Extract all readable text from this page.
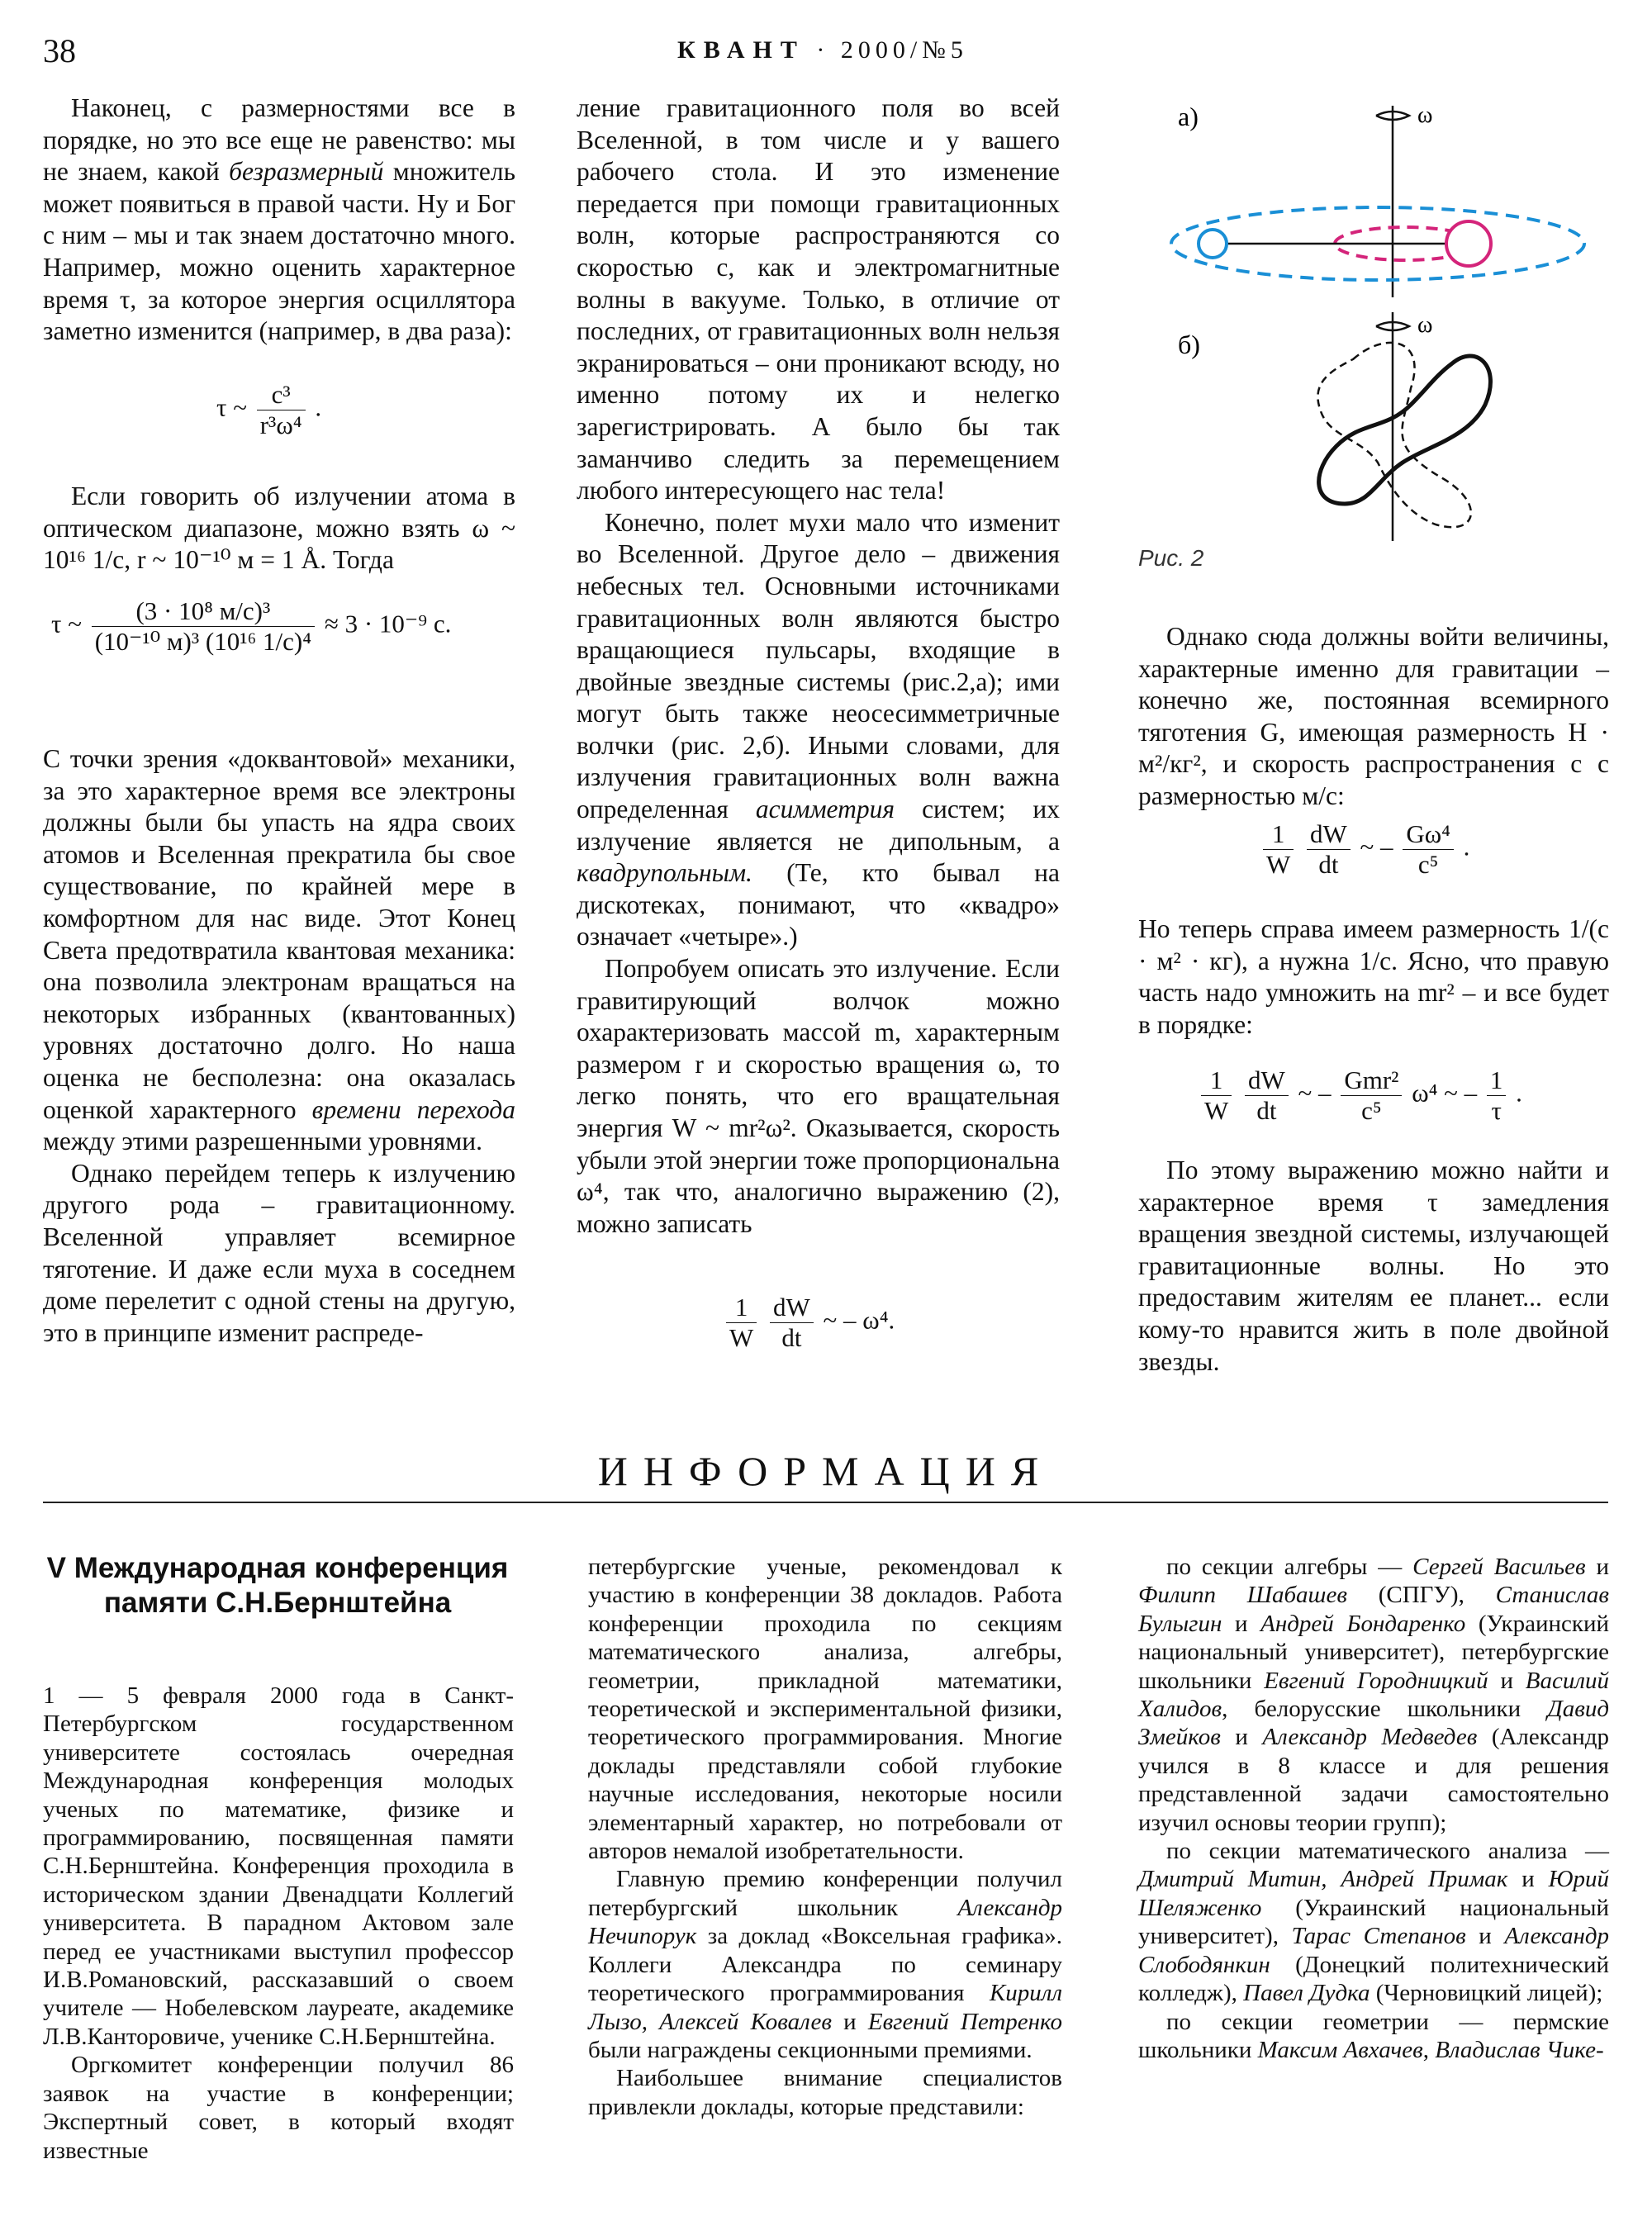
38	КВАНТ · 2000/№5

Наконец, с размерностями все в порядке, но это все еще не равенство: мы не знаем, какой безразмерный множитель может появиться в правой части. Ну и Бог с ним – мы и так знаем достаточно много. Например, можно оценить характерное время τ, за которое энергия осциллятора заметно изменится (например, в два раза):

τ ~ $\frac{\text{c³}}{\text{r³ω⁴}}$ .

Если говорить об излучении атома в оптическом диапазоне, можно взять ω ~ 10¹⁶ 1/c, r ~ 10⁻¹⁰ м = 1 Å. Тогда

τ ~ $\frac{\text{(3 · 10⁸ м/с)³}}{\text{(10⁻¹⁰ м)³ (10¹⁶ 1/с)⁴}} \approx 3 \cdot 10^{-9}$ с.

С точки зрения «доквантовой» механики, за это характерное время все электроны должны были бы упасть на ядра своих атомов и Вселенная прекратила бы свое существование, по крайней мере в комфортном для нас виде. Этот Конец Света предотвратила квантовая механика: она позволила электронам вращаться на некоторых избранных (квантованных) уровнях достаточно долго. Но наша оценка не бесполезна: она оказалась оценкой характерного времени перехода между этими разрешенными уровнями.

Однако перейдем теперь к излучению другого рода – гравитационному. Вселенной управляет всемирное тяготение. И даже если муха в соседнем доме перелетит с одной стены на другую, это в принципе изменит распреде-

ление гравитационного поля во всей Вселенной, в том числе и у вашего рабочего стола. И это изменение передается при помощи гравитационных волн, которые распространяются со скоростью c, как и электромагнитные волны в вакууме. Только, в отличие от последних, от гравитационных волн нельзя экранироваться – они проникают всюду, но именно потому их и нелегко зарегистрировать. А было бы так заманчиво следить за перемещением любого интересующего нас тела!

Конечно, полет мухи мало что изменит во Вселенной. Другое дело – движения небесных тел. Основными источниками гравитационных волн являются быстро вращающиеся пульсары, входящие в двойные звездные системы (рис.2,а); ими могут быть также неосесимметричные волчки (рис. 2,б). Иными словами, для излучения гравитационных волн важна определенная асимметрия систем; их излучение является не дипольным, а квадрупольным. (Те, кто бывал на дискотеках, понимают, что «квадро» означает «четыре».)

Попробуем описать это излучение. Если гравитирующий волчок можно охарактеризовать массой m, характерным размером r и скоростью вращения ω, то легко понять, что его вращательная энергия W ~ mr²ω². Оказывается, скорость убыли этой энергии тоже пропорциональна ω⁴, так что, аналогично выражению (2), можно записать

$\frac{1}{W}$
$\frac{dW}{dt}$ ~ – ω⁴.
а)	ω
б)
ω
Рис. 2

Однако сюда должны войти величины, характерные именно для гравитации – конечно же, постоянная всемирного тяготения G, имеющая размерность Н · м²/кг², и скорость распространения c с размерностью м/с:

$\frac{1}{W}$
$\frac{dW}{dt}$ ~ – $\frac{\text{Gω⁴}}{\text{c⁵}}$ .

Но теперь справа имеем размерность 1/(с · м² · кг), а нужна 1/с. Ясно, что правую часть надо умножить на mr² – и все будет в порядке:

$\frac{1}{W}$
$\frac{dW}{dt}$ ~ – $\frac{\text{Gmr²}}{\text{c⁵}} \omega^4$ ~ – $\frac{1}{\tau}$ .

По этому выражению можно найти и характерное время τ замедления вращения звездной системы, излучающей гравитационные волны. Но это предоставим жителям ее планет... если кому-то нравится жить в поле двойной звезды.

ИНФОРМАЦИЯ
V Международная конференция памяти С.Н.Бернштейна

1 — 5 февраля 2000 года в Санкт-Петербургском государственном университете состоялась очередная Международная конференция молодых ученых по математике, физике и программированию, посвященная памяти С.Н.Бернштейна. Конференция проходила в историческом здании Двенадцати Коллегий университета. В парадном Актовом зале перед ее участниками выступил профессор И.В.Романовский, рассказавший о своем учителе — Нобелевском лауреате, академике Л.В.Канторовиче, ученике С.Н.Бернштейна.

Оргкомитет конференции получил 86 заявок на участие в конференции; Экспертный совет, в который входят известные

петербургские ученые, рекомендовал к участию в конференции 38 докладов. Работа конференции проходила по секциям математического анализа, алгебры, геометрии, прикладной математики, теоретической и экспериментальной физики, теоретического программирования. Многие доклады представляли собой глубокие научные исследования, некоторые носили элементарный характер, но потребовали от авторов немалой изобретательности.

Главную премию конференции получил петербургский школьник Александр Нечипорук за доклад «Воксельная графика». Коллеги Александра по семинару теоретического программирования Кирилл Лызо, Алексей Ковалев и Евгений Петренко были награждены секционными премиями.

Наибольшее внимание специалистов привлекли доклады, которые представили:

по секции алгебры — Сергей Васильев и Филипп Шабашев (СПГУ), Станислав Булыгин и Андрей Бондаренко (Украинский национальный университет), петербургские школьники Евгений Городницкий и Василий Халидов, белорусские школьники Давид Змейков и Александр Медведев (Александр учился в 8 классе и для решения представленной задачи самостоятельно изучил основы теории групп);

по секции математического анализа — Дмитрий Митин, Андрей Примак и Юрий Шеляженко (Украинский национальный университет), Тарас Степанов и Александр Слободянкин (Донецкий политехнический колледж), Павел Дудка (Черновицкий лицей);

по секции геометрии — пермские школьники Максим Авхачев, Владислав Чике-
